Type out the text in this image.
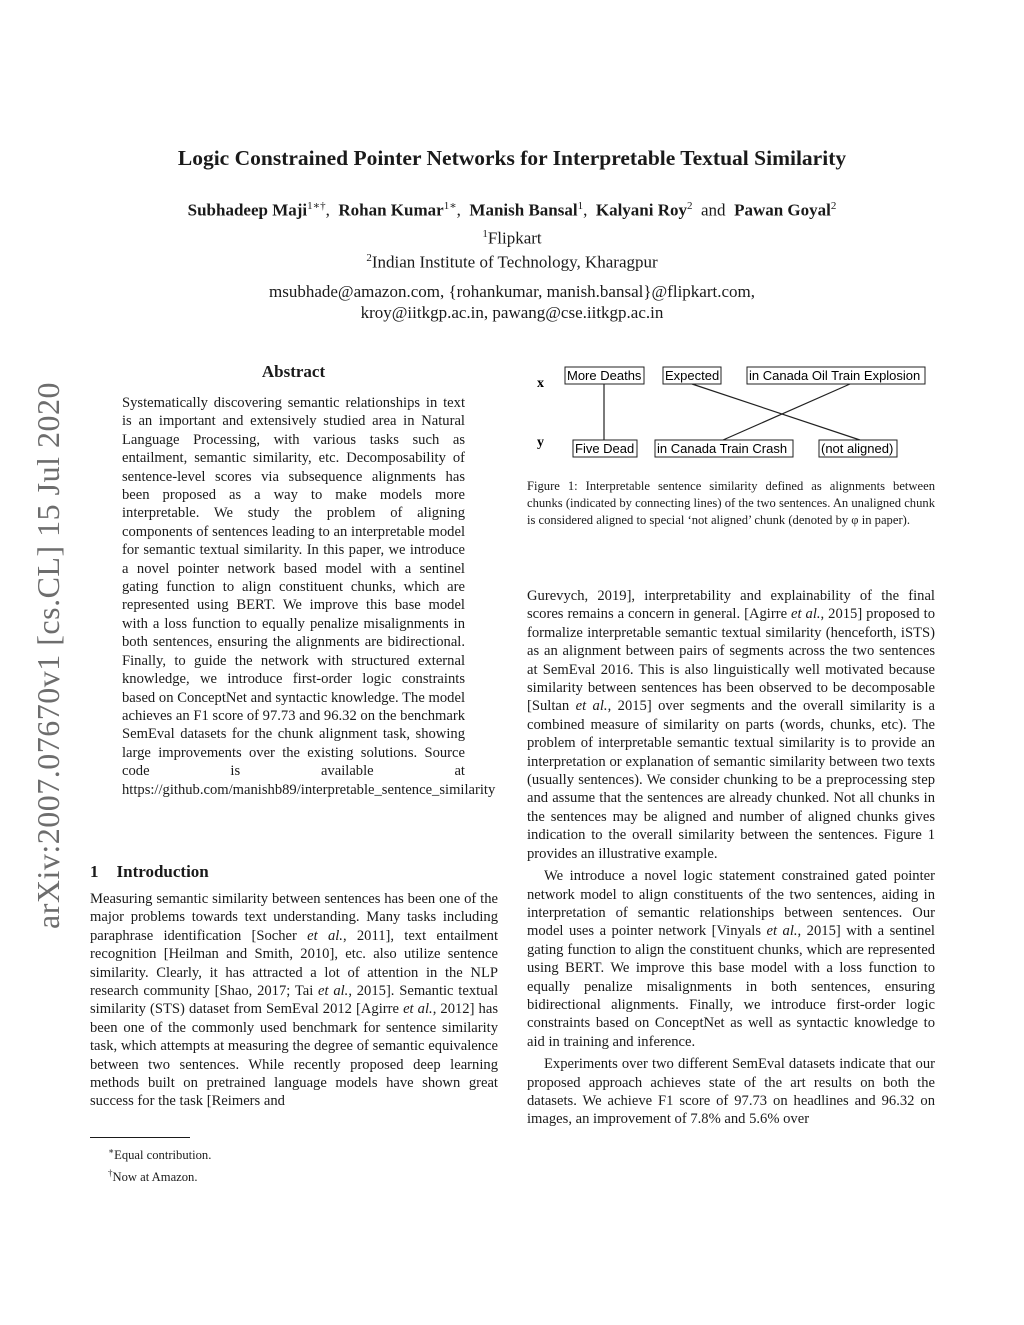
arXiv:2007.07670v1 [cs.CL] 15 Jul 2020
Logic Constrained Pointer Networks for Interpretable Textual Similarity
Subhadeep Maji$^{1∗\dagger}$,  Rohan Kumar$^{1∗}$,  Manish Bansal$^1$,  Kalyani Roy$^2$ and Pawan Goyal$^2$
$^1$Flipkart
$^2$Indian Institute of Technology, Kharagpur
msubhade@amazon.com, {rohankumar, manish.bansal}@flipkart.com,
kroy@iitkgp.ac.in, pawang@cse.iitkgp.ac.in
Abstract

Systematically discovering semantic relationships in text is an important and extensively studied area in Natural Language Processing, with various tasks such as entailment, semantic similarity, etc. Decomposability of sentence-level scores via subsequence alignments has been proposed as a way to make models more interpretable. We study the problem of aligning components of sentences leading to an interpretable model for semantic textual similarity. In this paper, we introduce a novel pointer network based model with a sentinel gating function to align constituent chunks, which are represented using BERT. We improve this base model with a loss function to equally penalize misalignments in both sentences, ensuring the alignments are bidirectional. Finally, to guide the network with structured external knowledge, we introduce first-order logic constraints based on ConceptNet and syntactic knowledge. The model achieves an F1 score of 97.73 and 96.32 on the benchmark SemEval datasets for the chunk alignment task, showing large improvements over the existing solutions. Source code is available at https://github.com/manishb89/interpretable_sentence_similarity

1 Introduction

Measuring semantic similarity between sentences has been one of the major problems towards text understanding. Many tasks including paraphrase identification [Socher et al., 2011], text entailment recognition [Heilman and Smith, 2010], etc. also utilize sentence similarity. Clearly, it has attracted a lot of attention in the NLP research community [Shao, 2017; Tai et al., 2015]. Semantic textual similarity (STS) dataset from SemEval 2012 [Agirre et al., 2012] has been one of the commonly used benchmark for sentence similarity task, which attempts at measuring the degree of semantic equivalence between two sentences. While recently proposed deep learning methods built on pretrained language models have shown great success for the task [Reimers and

∗Equal contribution.
†Now at Amazon.
x
y
More Deaths Expected in Canada Oil Train Explosion
Five Dead in Canada Train Crash	(not aligned)
Figure 1: Interpretable sentence similarity defined as alignments between chunks (indicated by connecting lines) of the two sentences. An unaligned chunk is considered aligned to special ‘not aligned’ chunk (denoted by φ in paper).

Gurevych, 2019], interpretability and explainability of the final scores remains a concern in general. [Agirre et al., 2015] proposed to formalize interpretable semantic textual similarity (henceforth, iSTS) as an alignment between pairs of segments across the two sentences at SemEval 2016. This is also linguistically well motivated because similarity between sentences has been observed to be decomposable [Sultan et al., 2015] over segments and the overall similarity is a combined measure of similarity on parts (words, chunks, etc). The problem of interpretable semantic textual similarity is to provide an interpretation or explanation of semantic similarity between two texts (usually sentences). We consider chunking to be a preprocessing step and assume that the sentences are already chunked. Not all chunks in the sentences may be aligned and number of aligned chunks gives indication to the overall similarity between the sentences. Figure 1 provides an illustrative example.

We introduce a novel logic statement constrained gated pointer network model to align constituents of the two sentences, aiding in interpretation of semantic relationships between sentences. Our model uses a pointer network [Vinyals et al., 2015] with a sentinel gating function to align the constituent chunks, which are represented using BERT. We improve this base model with a loss function to equally penalize misalignments in both sentences, ensuring bidirectional alignments. Finally, we introduce first-order logic constraints based on ConceptNet as well as syntactic knowledge to aid in training and inference.

Experiments over two different SemEval datasets indicate that our proposed approach achieves state of the art results on both the datasets. We achieve F1 score of 97.73 on headlines and 96.32 on images, an improvement of 7.8% and 5.6% over
